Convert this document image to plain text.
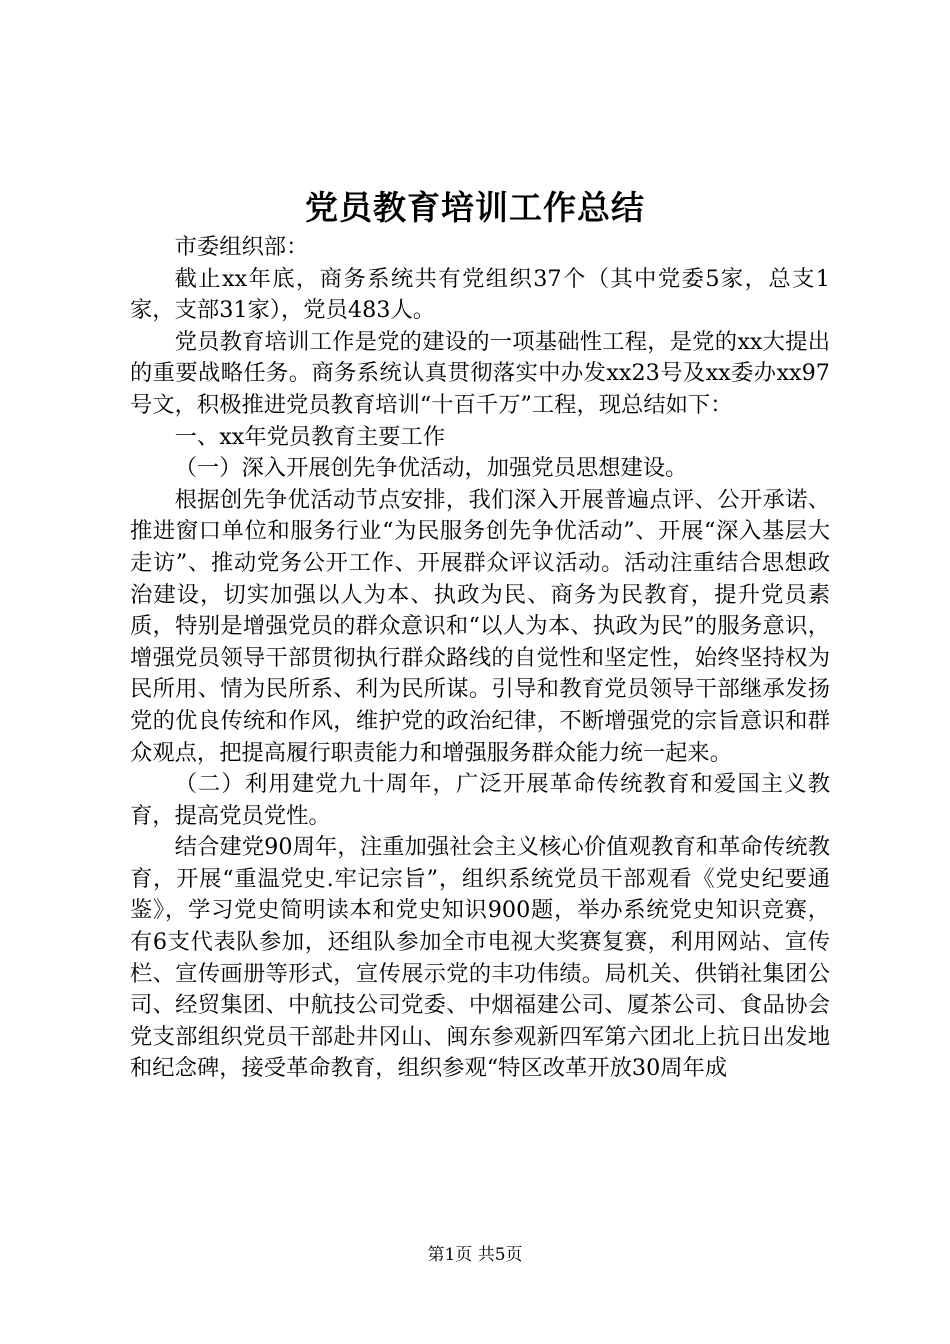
党员教育培训工作总结

市委组织部：

截止xx年底，商务系统共有党组织37个（其中党委5家，总支1家，支部31家），党员483人。

党员教育培训工作是党的建设的一项基础性工程，是党的xx大提出的重要战略任务。商务系统认真贯彻落实中办发xx23号及xx委办xx97号文，积极推进党员教育培训“十百千万”工程，现总结如下：

一、xx年党员教育主要工作

（一）深入开展创先争优活动，加强党员思想建设。

根据创先争优活动节点安排，我们深入开展普遍点评、公开承诺、推进窗口单位和服务行业“为民服务创先争优活动”、开展“深入基层大走访”、推动党务公开工作、开展群众评议活动。活动注重结合思想政治建设，切实加强以人为本、执政为民、商务为民教育，提升党员素质，特别是增强党员的群众意识和“以人为本、执政为民”的服务意识，增强党员领导干部贯彻执行群众路线的自觉性和坚定性，始终坚持权为民所用、情为民所系、利为民所谋。引导和教育党员领导干部继承发扬党的优良传统和作风，维护党的政治纪律，不断增强党的宗旨意识和群众观点，把提高履行职责能力和增强服务群众能力统一起来。

（二）利用建党九十周年，广泛开展革命传统教育和爱国主义教育，提高党员党性。

结合建党90周年，注重加强社会主义核心价值观教育和革命传统教育，开展“重温党史.牢记宗旨”，组织系统党员干部观看《党史纪要通鉴》，学习党史简明读本和党史知识900题，举办系统党史知识竞赛，有6支代表队参加，还组队参加全市电视大奖赛复赛，利用网站、宣传栏、宣传画册等形式，宣传展示党的丰功伟绩。局机关、供销社集团公司、经贸集团、中航技公司党委、中烟福建公司、厦茶公司、食品协会党支部组织党员干部赴井冈山、闽东参观新四军第六团北上抗日出发地和纪念碑，接受革命教育，组织参观“特区改革开放30周年成

第1页 共5页
